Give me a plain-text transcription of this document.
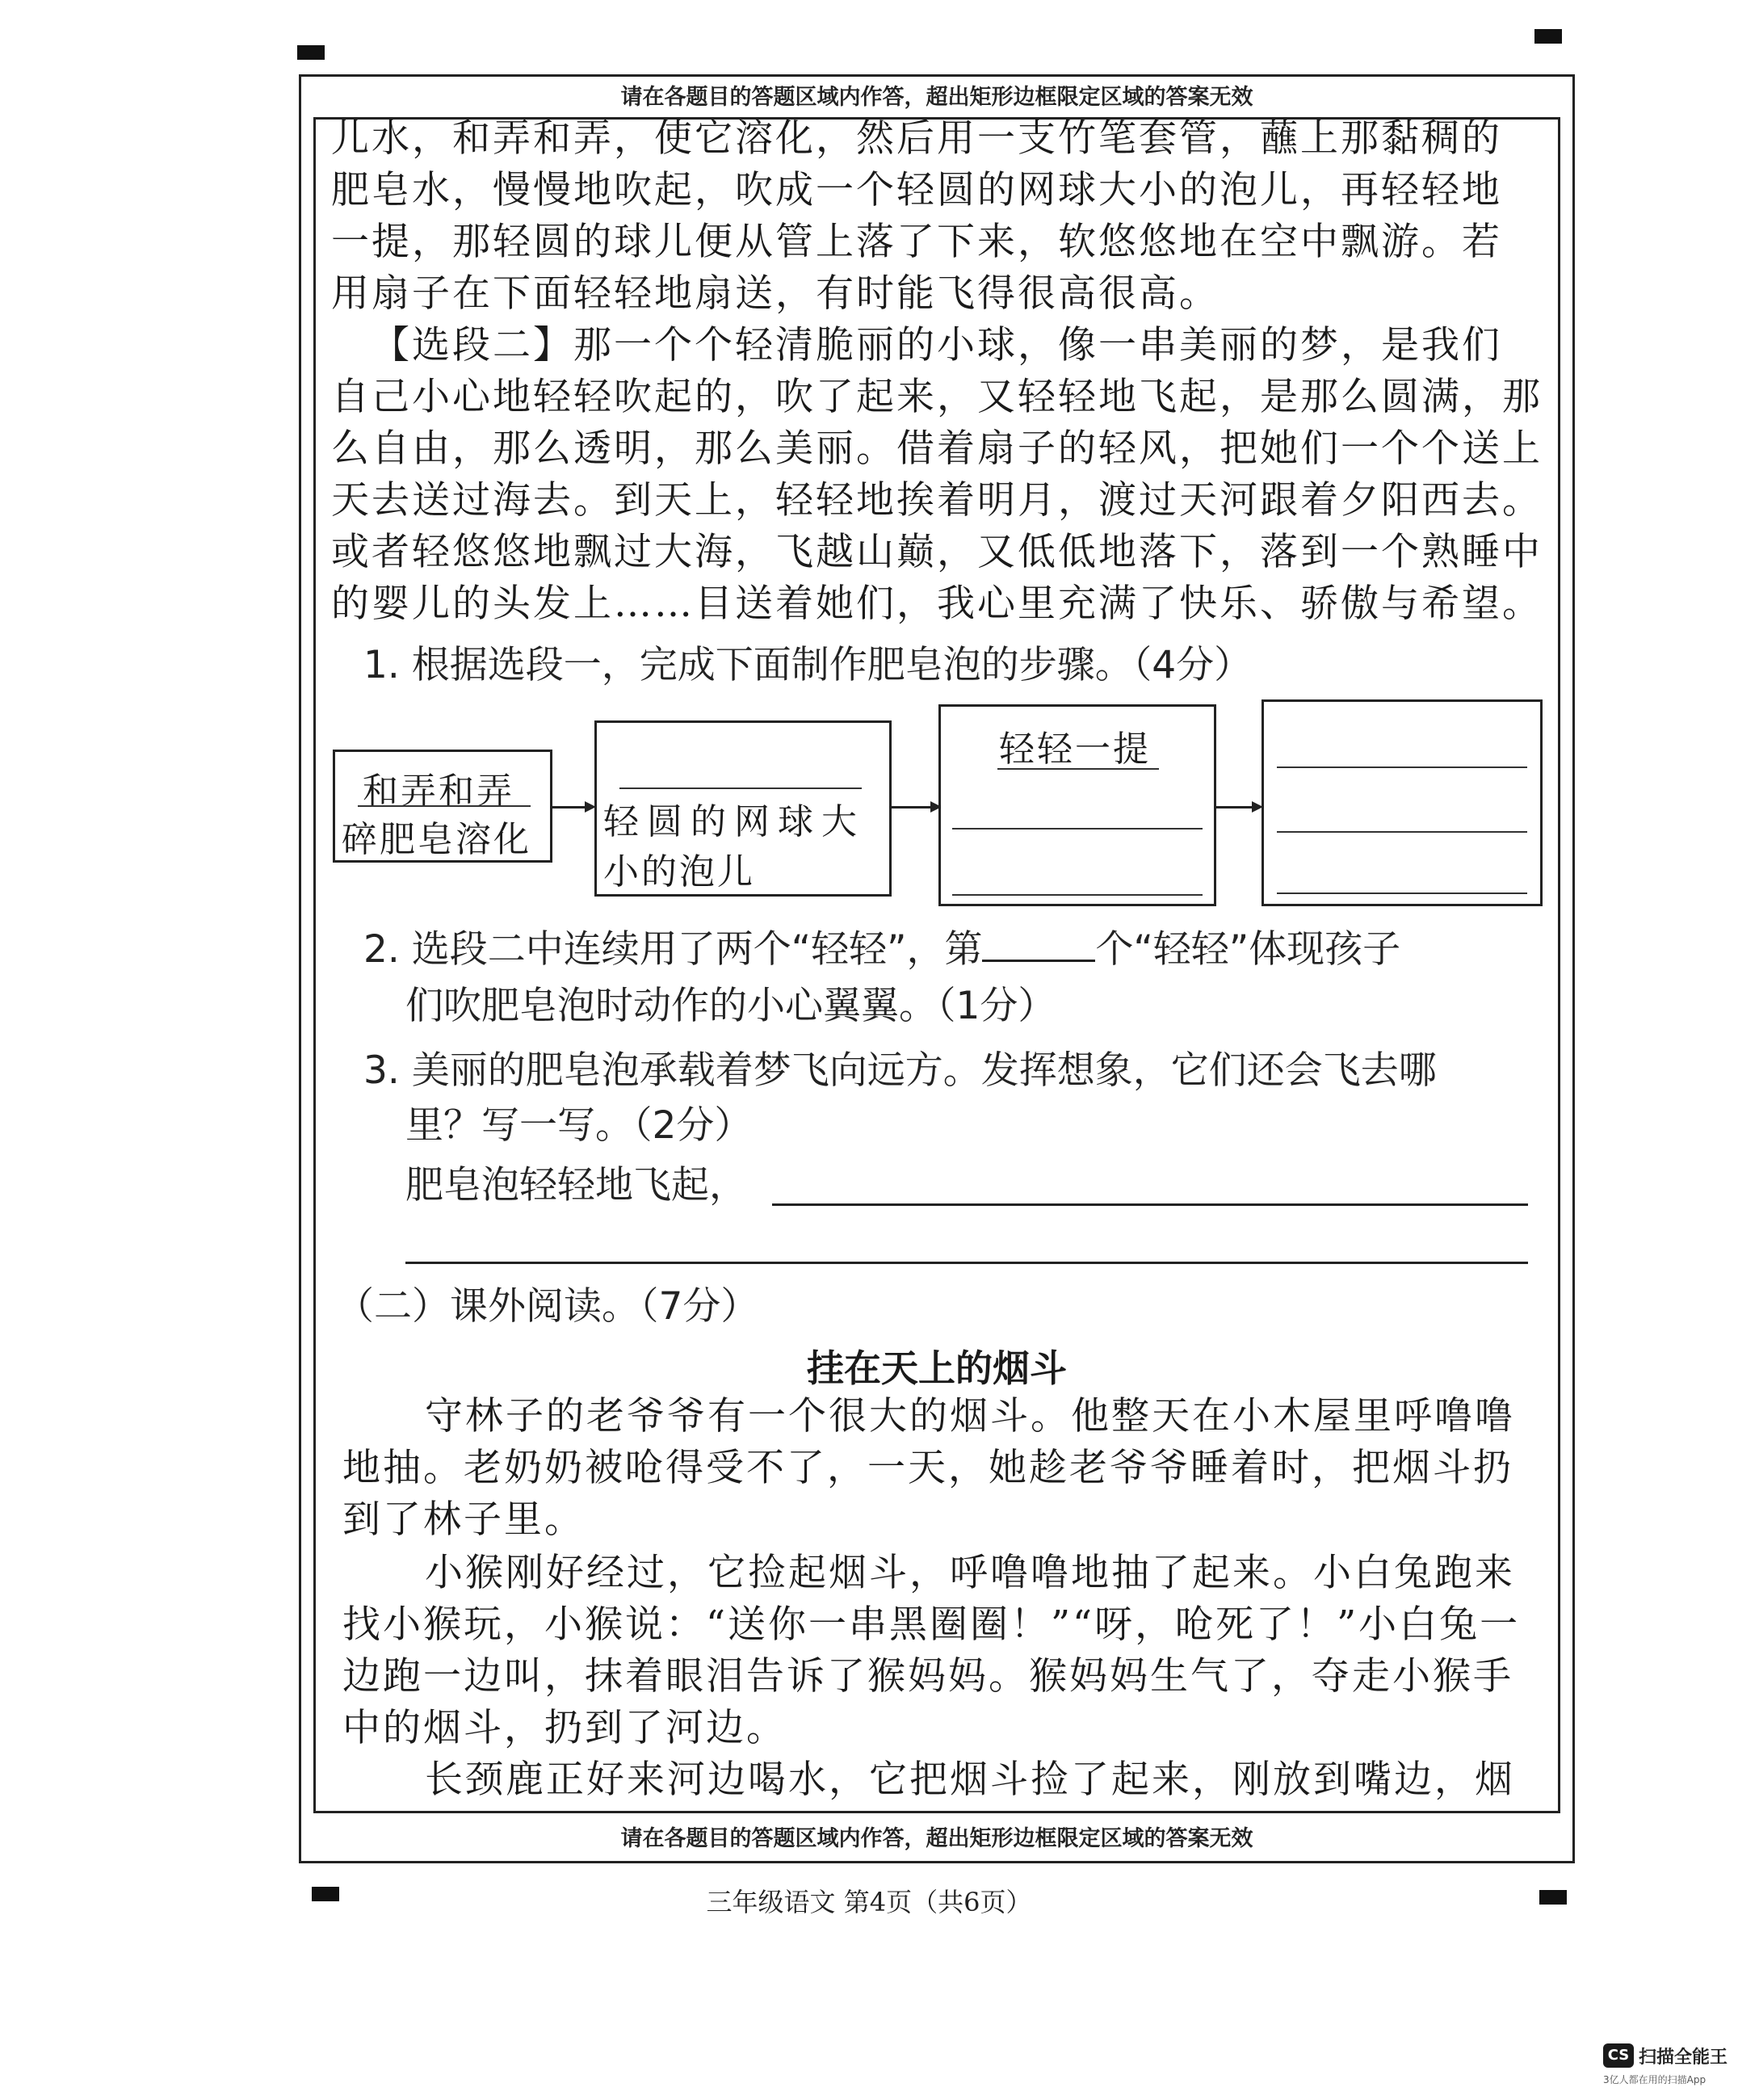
请在各题目的答题区域内作答，超出矩形边框限定区域的答案无效

儿水，和弄和弄，使它溶化，然后用一支竹笔套管，蘸上那黏稠的

肥皂水，慢慢地吹起，吹成一个轻圆的网球大小的泡儿，再轻轻地

一提，那轻圆的球儿便从管上落了下来，软悠悠地在空中飘游。若

用扇子在下面轻轻地扇送，有时能飞得很高很高。

【选段二】那一个个轻清脆丽的小球，像一串美丽的梦，是我们

自己小心地轻轻吹起的，吹了起来，又轻轻地飞起，是那么圆满，那

么自由，那么透明，那么美丽。借着扇子的轻风，把她们一个个送上

天去送过海去。到天上，轻轻地挨着明月，渡过天河跟着夕阳西去。

或者轻悠悠地飘过大海，飞越山巅，又低低地落下，落到一个熟睡中

的婴儿的头发上……目送着她们，我心里充满了快乐、骄傲与希望。

1. 根据选段一，完成下面制作肥皂泡的步骤。（4分）

和弄和弄
碎肥皂溶化 轻圆的网球大
小的泡儿
轻轻一提

2. 选段二中连续用了两个“轻轻”，第	个“轻轻”体现孩子

们吹肥皂泡时动作的小心翼翼。（1分）

3. 美丽的肥皂泡承载着梦飞向远方。发挥想象，它们还会飞去哪

里？写一写。（2分）

肥皂泡轻轻地飞起，

（二）课外阅读。（7分）

挂在天上的烟斗

守林子的老爷爷有一个很大的烟斗。他整天在小木屋里呼噜噜

地抽。老奶奶被呛得受不了，一天，她趁老爷爷睡着时，把烟斗扔

到了林子里。

小猴刚好经过，它捡起烟斗，呼噜噜地抽了起来。小白兔跑来

找小猴玩，小猴说：“送你一串黑圈圈！”“呀，呛死了！”小白兔一

边跑一边叫，抹着眼泪告诉了猴妈妈。猴妈妈生气了，夺走小猴手

中的烟斗，扔到了河边。

长颈鹿正好来河边喝水，它把烟斗捡了起来，刚放到嘴边，烟

请在各题目的答题区域内作答，超出矩形边框限定区域的答案无效
三年级语文 第4页（共6页）
CS 扫描全能王
3亿人都在用的扫描App
